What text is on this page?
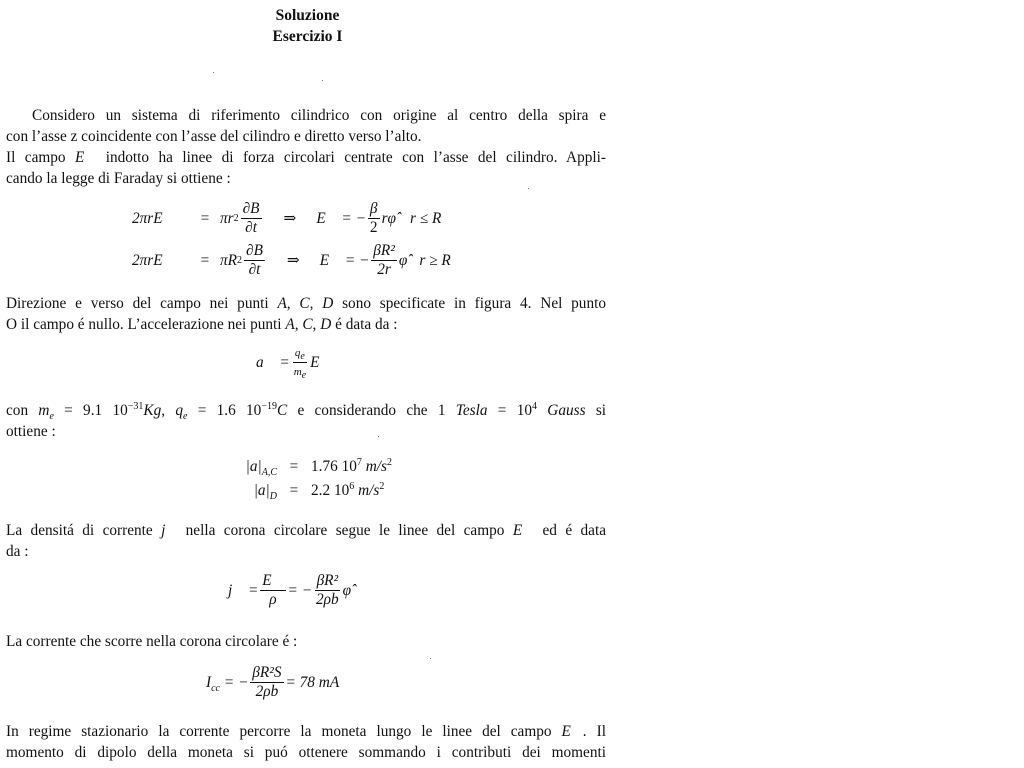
Soluzione
Esercizio I
Considero un sistema di riferimento cilindrico con origine al centro della spira e
con l’asse z coincidente con l’asse del cilindro e diretto verso l’alto.
Il campo E⃗ indotto ha linee di forza circolari centrate con l’asse del cilindro. Appli-
cando la legge di Faraday si ottiene :
2πrE	= πr $2 \frac{\partial B}{\partial t}$ ⇒ E⃗ = − $\frac{\beta}{2}$ rφ̂ r ≤ R
2πrE	= πR $2 \frac{\partial B}{\partial t}$ ⇒ E⃗ = − $\frac{\text{βR²}}{2r}$ φ̂ r ≥ R
Direzione e verso del campo nei punti A, C, D sono specificate in figura 4. Nel punto
O il campo é nullo. L’accelerazione nei punti A, C, D é data da :
a⃗ = $\frac{qe}{me}$ E⃗
con $m_e = 9.1$ $10^{-31}Kg$, $q_e = 1.6$ $10^{-19}C$ e considerando che 1 Tesla = $10^4$ Gauss si
ottiene :
$|a|_{A,C} = 1.76$ $10^7$ $m/s^2$
$|a|_D = 2.2$ $10^6$ $m/s^2$
La densitá di corrente j⃗ nella corona circolare segue le linee del campo E⃗ ed é data
da :
j⃗ = $\frac{E⃗}{\rho}$ = − $\frac{\text{βR²}}{2\rho b}$ φ̂
La corrente che scorre nella corona circolare é :
$I_{cc}$ = − $\frac{\text{βR²S}}{2\rho b} = 78$ mA
In regime stazionario la corrente percorre la moneta lungo le linee del campo E⃗. Il
momento di dipolo della moneta si puó ottenere sommando i contributi dei momenti
